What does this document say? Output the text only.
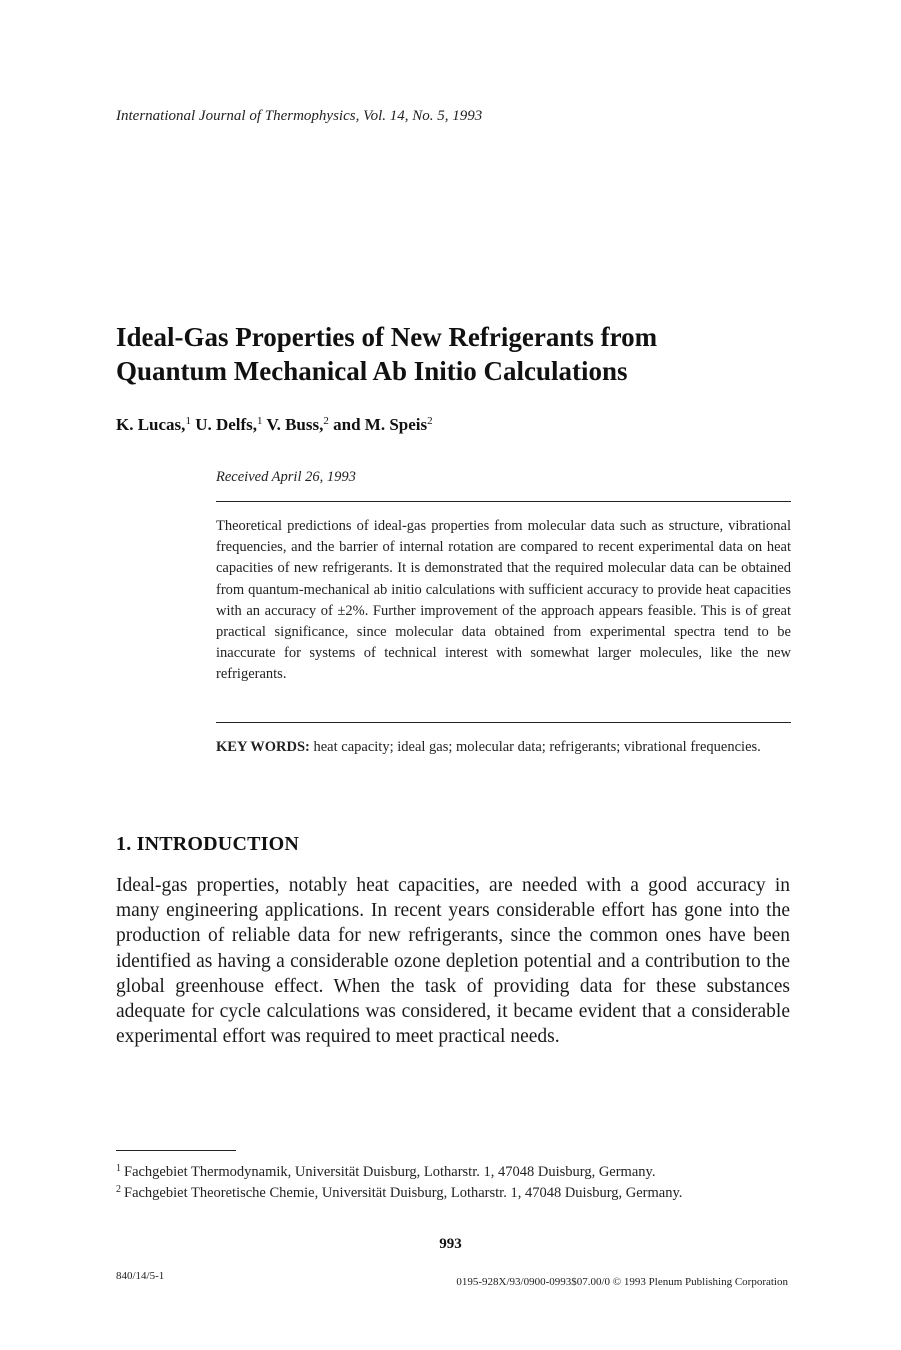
International Journal of Thermophysics, Vol. 14, No. 5, 1993
Ideal-Gas Properties of New Refrigerants from
Quantum Mechanical Ab Initio Calculations
K. Lucas,$^1$ U. Delfs,$^1$ V. Buss,$^2$ and M. Speis$^2$
Received April 26, 1993
Theoretical predictions of ideal-gas properties from molecular data such as structure, vibrational frequencies, and the barrier of internal rotation are compared to recent experimental data on heat capacities of new refrigerants. It is demonstrated that the required molecular data can be obtained from quantum-mechanical ab initio calculations with sufficient accuracy to provide heat capacities with an accuracy of ±2%. Further improvement of the approach appears feasible. This is of great practical significance, since molecular data obtained from experimental spectra tend to be inaccurate for systems of technical interest with somewhat larger molecules, like the new refrigerants.
KEY WORDS: heat capacity; ideal gas; molecular data; refrigerants; vibrational frequencies.
1. INTRODUCTION
Ideal-gas properties, notably heat capacities, are needed with a good accuracy in many engineering applications. In recent years considerable effort has gone into the production of reliable data for new refrigerants, since the common ones have been identified as having a considerable ozone depletion potential and a contribution to the global greenhouse effect. When the task of providing data for these substances adequate for cycle calculations was considered, it became evident that a considerable experimental effort was required to meet practical needs.
$^1$ Fachgebiet Thermodynamik, Universität Duisburg, Lotharstr. 1, 47048 Duisburg, Germany.
$^2$ Fachgebiet Theoretische Chemie, Universität Duisburg, Lotharstr. 1, 47048 Duisburg, Germany.
993
840/14/5-1	0195-928X/93/0900-0993$07.00/0 © 1993 Plenum Publishing Corporation
